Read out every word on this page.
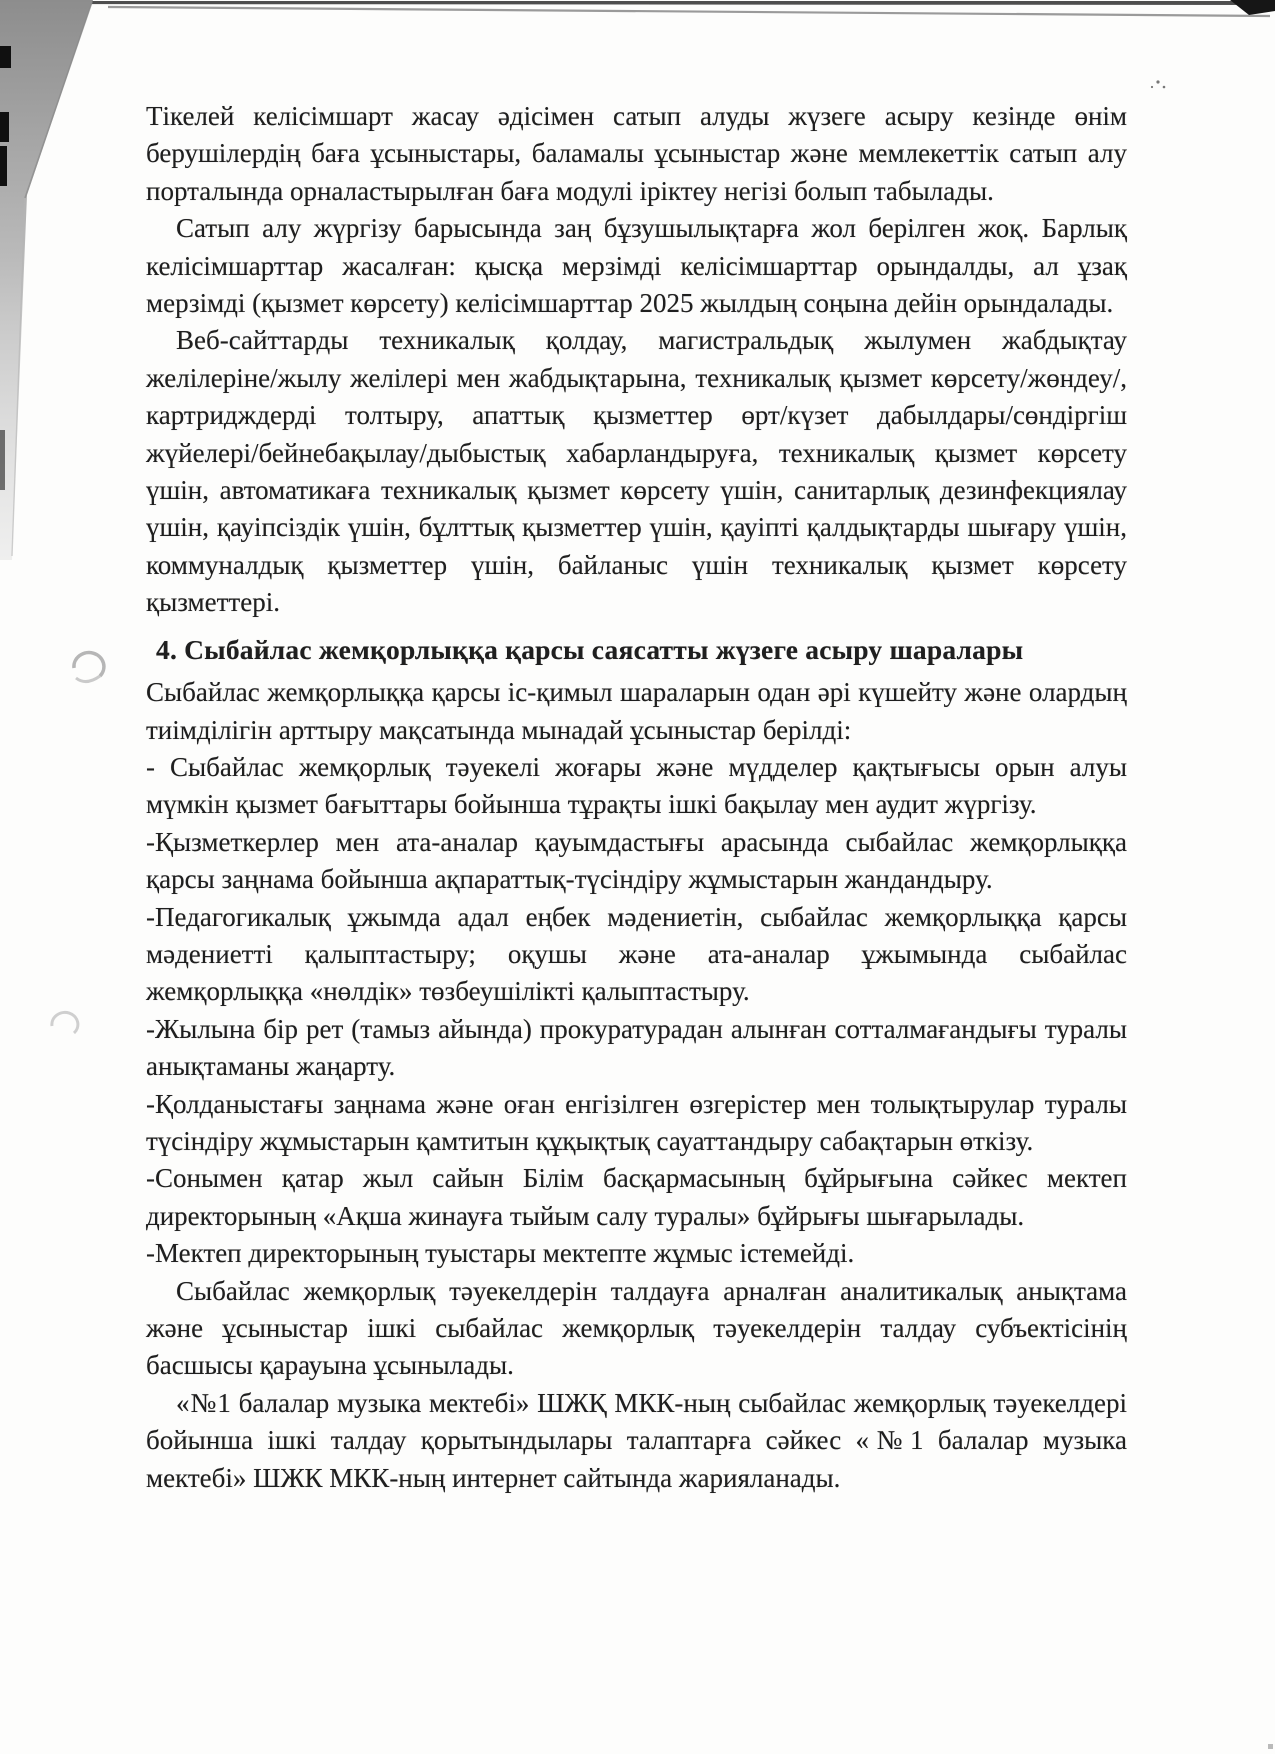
Тікелей келісімшарт жасау әдісімен сатып алуды жүзеге асыру кезінде өнім берушілердің баға ұсыныстары, баламалы ұсыныстар және мемлекеттік сатып алу порталында орналастырылған баға модулі іріктеу негізі болып табылады.

Сатып алу жүргізу барысында заң бұзушылықтарға жол берілген жоқ. Барлық келісімшарттар жасалған: қысқа мерзімді келісімшарттар орындалды, ал ұзақ мерзімді (қызмет көрсету) келісімшарттар 2025 жылдың соңына дейін орындалады.

Веб-сайттарды техникалық қолдау, магистральдық жылумен жабдықтау желілеріне/жылу желілері мен жабдықтарына, техникалық қызмет көрсету/жөндеу/, картридждерді толтыру, апаттық қызметтер өрт/күзет дабылдары/сөндіргіш жүйелері/бейнебақылау/дыбыстық хабарландыруға, техникалық қызмет көрсету үшін, автоматикаға техникалық қызмет көрсету үшін, санитарлық дезинфекциялау үшін, қауіпсіздік үшін, бұлттық қызметтер үшін, қауіпті қалдықтарды шығару үшін, коммуналдық қызметтер үшін, байланыс үшін техникалық қызмет көрсету қызметтері.

4. Сыбайлас жемқорлыққа қарсы саясатты жүзеге асыру шаралары

Сыбайлас жемқорлыққа қарсы іс-қимыл шараларын одан әрі күшейту және олардың тиімділігін арттыру мақсатында мынадай ұсыныстар берілді:

- Сыбайлас жемқорлық тәуекелі жоғары және мүдделер қақтығысы орын алуы мүмкін қызмет бағыттары бойынша тұрақты ішкі бақылау мен аудит жүргізу.

-Қызметкерлер мен ата-аналар қауымдастығы арасында сыбайлас жемқорлыққа қарсы заңнама бойынша ақпараттық-түсіндіру жұмыстарын жандандыру.

-Педагогикалық ұжымда адал еңбек мәдениетін, сыбайлас жемқорлыққа қарсы мәдениетті қалыптастыру; оқушы және ата-аналар ұжымында сыбайлас жемқорлыққа «нөлдік» төзбеушілікті қалыптастыру.

-Жылына бір рет (тамыз айында) прокуратурадан алынған сотталмағандығы туралы анықтаманы жаңарту.

-Қолданыстағы заңнама және оған енгізілген өзгерістер мен толықтырулар туралы түсіндіру жұмыстарын қамтитын құқықтық сауаттандыру сабақтарын өткізу.

-Сонымен қатар жыл сайын Білім басқармасының бұйрығына сәйкес мектеп директорының «Ақша жинауға тыйым салу туралы» бұйрығы шығарылады.

-Мектеп директорының туыстары мектепте жұмыс істемейді.

Сыбайлас жемқорлық тәуекелдерін талдауға арналған аналитикалық анықтама және ұсыныстар ішкі сыбайлас жемқорлық тәуекелдерін талдау субъектісінің басшысы қарауына ұсынылады.

«№1 балалар музыка мектебі» ШЖҚ МКК-ның сыбайлас жемқорлық тәуекелдері бойынша ішкі талдау қорытындылары талаптарға сәйкес «№1 балалар музыка мектебі» ШЖК МКК-ның интернет сайтында жарияланады.
